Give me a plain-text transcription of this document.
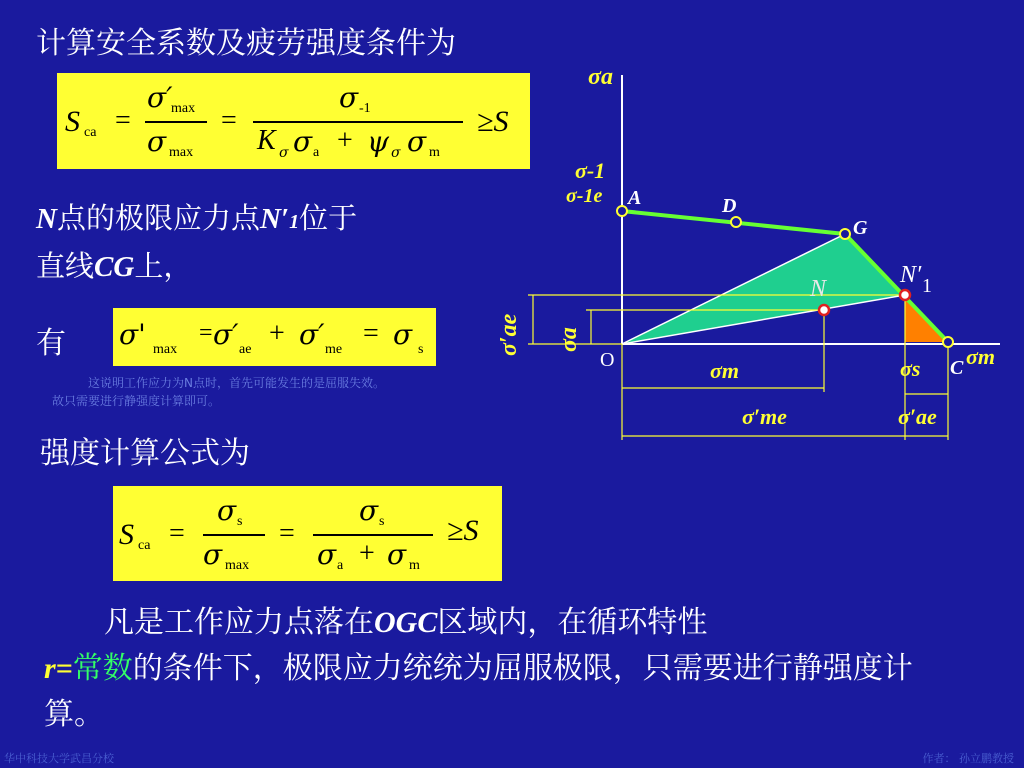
计算安全系数及疲劳强度条件为
S ca =
σ′
max
σ max
=
σ -1
K σ σ a + ψ σ σ m
≥S
N点的极限应力点N′1位于
直线CG上，
有 σ' max
= σ′ ae
+ σ′ me
= σ s
这说明工作应力为N点时，首先可能发生的是屈服失效。
故只需要进行静强度计算即可。
强度计算公式为
S ca =
σ s
σ max
=
σ s
σ a + σ m
≥S
　　凡是工作应力点落在OGC区域内，在循环特性
r=常数的条件下，极限应力统统为屈服极限，只需要进行静强度计算。
σa
σ-1
σ-1e A	D
G
N′ 1
N
O	C σm
σ′ae σa
σm	σs
σ′me	σ′ae
华中科技大学武昌分校	作者： 孙立鹏教授
